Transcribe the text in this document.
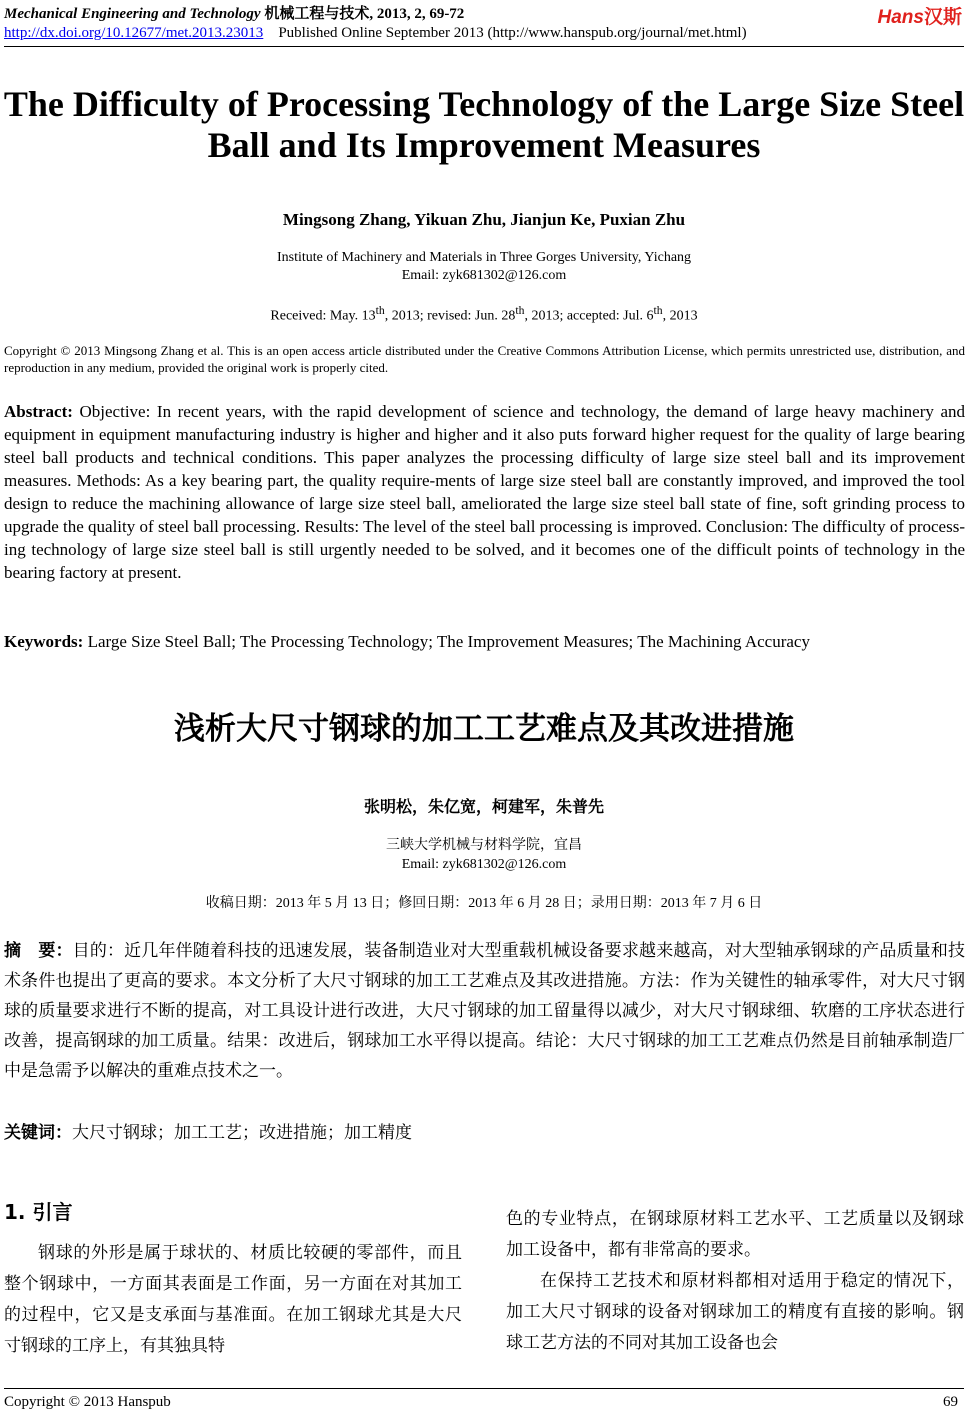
Mechanical Engineering and Technology 机械工程与技术, 2013, 2, 69-72	Hans汉斯
http://dx.doi.org/10.12677/met.2013.23013 Published Online September 2013 (http://www.hanspub.org/journal/met.html)
The Difficulty of Processing Technology of the Large Size Steel Ball and Its Improvement Measures
Mingsong Zhang, Yikuan Zhu, Jianjun Ke, Puxian Zhu
Institute of Machinery and Materials in Three Gorges University, Yichang
Email: zyk681302@126.com
Received: May. 13th, 2013; revised: Jun. 28th, 2013; accepted: Jul. 6th, 2013
Copyright © 2013 Mingsong Zhang et al. This is an open access article distributed under the Creative Commons Attribution License, which permits unrestricted use, distribution, and reproduction in any medium, provided the original work is properly cited.
Abstract: Objective: In recent years, with the rapid development of science and technology, the demand of large heavy machinery and equipment in equipment manufacturing industry is higher and higher and it also puts forward higher request for the quality of large bearing steel ball products and technical conditions. This paper analyzes the processing difficulty of large size steel ball and its improvement measures. Methods: As a key bearing part, the quality require-ments of large size steel ball are constantly improved, and improved the tool design to reduce the machining allowance of large size steel ball, ameliorated the large size steel ball state of fine, soft grinding process to upgrade the quality of steel ball processing. Results: The level of the steel ball processing is improved. Conclusion: The difficulty of process-ing technology of large size steel ball is still urgently needed to be solved, and it becomes one of the difficult points of technology in the bearing factory at present.
Keywords: Large Size Steel Ball; The Processing Technology; The Improvement Measures; The Machining Accuracy
浅析大尺寸钢球的加工工艺难点及其改进措施
张明松，朱亿宽，柯建军，朱普先
三峡大学机械与材料学院，宜昌
Email: zyk681302@126.com
收稿日期：2013 年 5 月 13 日；修回日期：2013 年 6 月 28 日；录用日期：2013 年 7 月 6 日
摘　要：目的：近几年伴随着科技的迅速发展，装备制造业对大型重载机械设备要求越来越高，对大型轴承钢球的产品质量和技术条件也提出了更高的要求。本文分析了大尺寸钢球的加工工艺难点及其改进措施。方法：作为关键性的轴承零件，对大尺寸钢球的质量要求进行不断的提高，对工具设计进行改进，大尺寸钢球的加工留量得以减少，对大尺寸钢球细、软磨的工序状态进行改善，提高钢球的加工质量。结果：改进后，钢球加工水平得以提高。结论：大尺寸钢球的加工工艺难点仍然是目前轴承制造厂中是急需予以解决的重难点技术之一。
关键词：大尺寸钢球；加工工艺；改进措施；加工精度
1. 引言

钢球的外形是属于球状的、材质比较硬的零部件，而且整个钢球中，一方面其表面是工作面，另一方面在对其加工的过程中，它又是支承面与基准面。在加工钢球尤其是大尺寸钢球的工序上，有其独具特

色的专业特点，在钢球原材料工艺水平、工艺质量以及钢球加工设备中，都有非常高的要求。

在保持工艺技术和原材料都相对适用于稳定的情况下，加工大尺寸钢球的设备对钢球加工的精度有直接的影响。钢球工艺方法的不同对其加工设备也会

Copyright © 2013 Hanspub	69
